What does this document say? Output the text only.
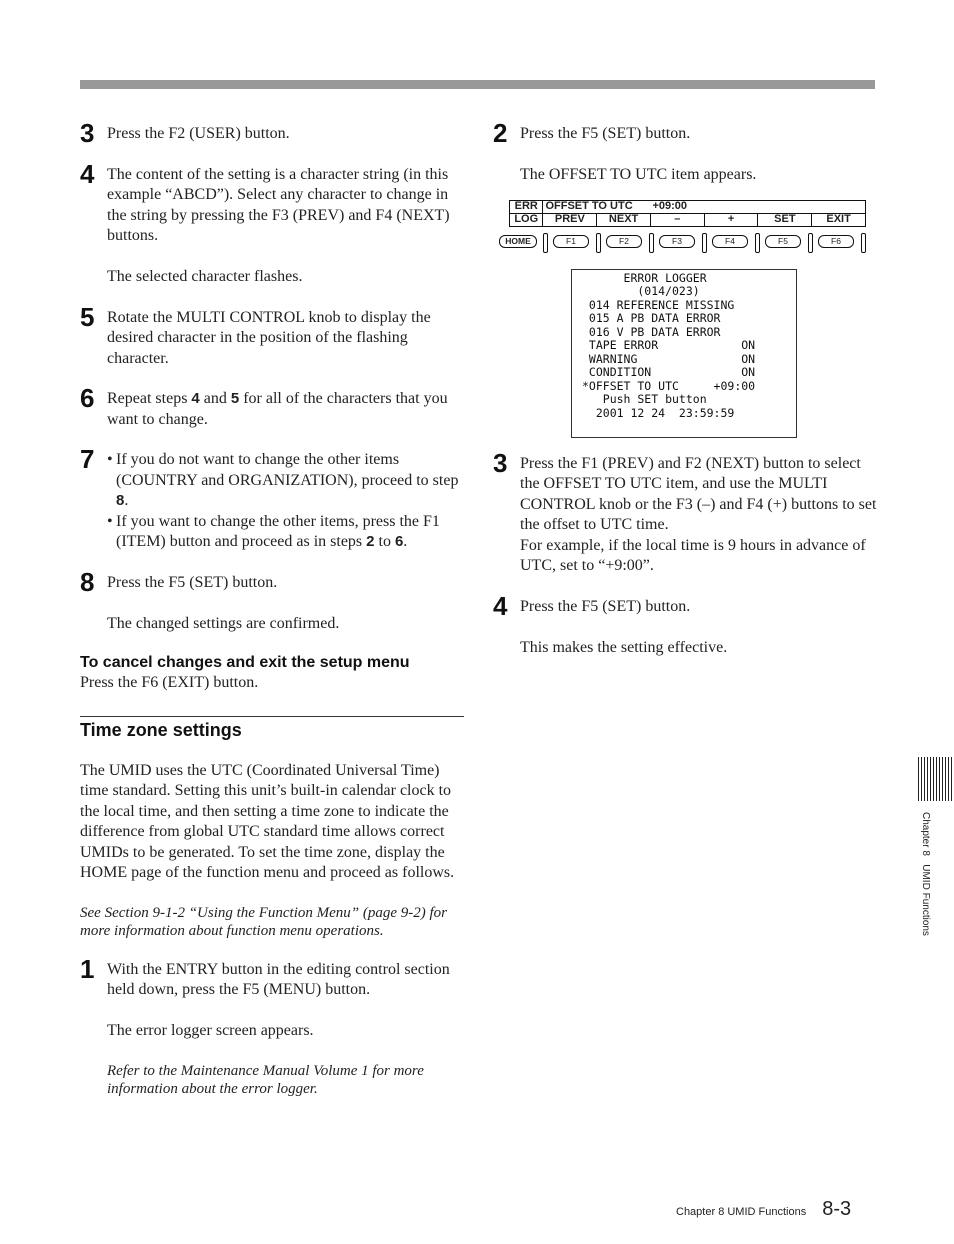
3 Press the F2 (USER) button.

4 The content of the setting is a character string (in this example “ABCD”). Select any character to change in the string by pressing the F3 (PREV) and F4 (NEXT) buttons.

The selected character flashes.

5 Rotate the MULTI CONTROL knob to display the desired character in the position of the flashing character.

6 Repeat steps 4 and 5 for all of the characters that you want to change.

7	• If you do not want to change the other items (COUNTRY and ORGANIZATION), proceed to step 8.

• If you want to change the other items, press the F1 (ITEM) button and proceed as in steps 2 to 6.

8 Press the F5 (SET) button.

The changed settings are confirmed.

To cancel changes and exit the setup menu

Press the F6 (EXIT) button.

Time zone settings

The UMID uses the UTC (Coordinated Universal Time) time standard. Setting this unit’s built-in calendar clock to the local time, and then setting a time zone to indicate the difference from global UTC standard time allows correct UMIDs to be generated. To set the time zone, display the HOME page of the function menu and proceed as follows.

See Section 9-1-2 “Using the Function Menu” (page 9-2) for more information about function menu operations.

1 With the ENTRY button in the editing control section held down, press the F5 (MENU) button.

The error logger screen appears.

Refer to the Maintenance Manual Volume 1 for more information about the error logger.

2 Press the F5 (SET) button.

The OFFSET TO UTC item appears.

ERR	OFFSET TO UTC		+09:00			
LOG	PREV	NEXT	–	+	SET	EXIT
HOME	F1	F2	F3	F4	F5	F6
ERROR LOGGER
(014/023)
014 REFERENCE MISSING
015 A PB DATA ERROR
016 V PB DATA ERROR
TAPE ERROR            ON
WARNING               ON
CONDITION             ON
*OFFSET TO UTC     +09:00
Push SET button
2001 12 24  23:59:59
3 Press the F1 (PREV) and F2 (NEXT) button to select the OFFSET TO UTC item, and use the MULTI CONTROL knob or the F3 (–) and F4 (+) buttons to set the offset to UTC time.

For example, if the local time is 9 hours in advance of UTC, set to “+9:00”.

4 Press the F5 (SET) button.

This makes the setting effective.

Chapter 8   UMID Functions
Chapter 8 UMID Functions 8-3
